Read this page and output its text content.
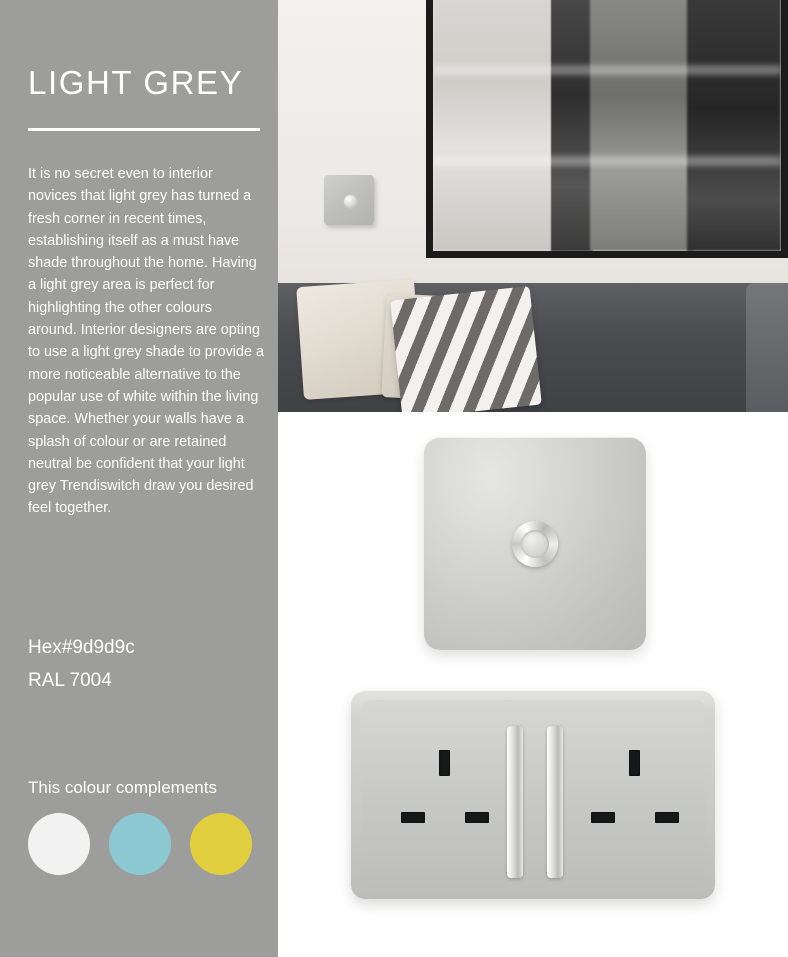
LIGHT GREY
It is no secret even to interior novices that light grey has turned a fresh corner in recent times, establishing itself as a must have shade throughout the home. Having a light grey area is perfect for highlighting the other colours around. Interior designers are opting to use a light grey shade to provide a more noticeable alternative to the popular use of white within the living space. Whether your walls have a splash of colour or are retained neutral be confident that your light grey Trendiswitch draw you desired feel together.
Hex#9d9d9c
RAL 7004
This colour complements
